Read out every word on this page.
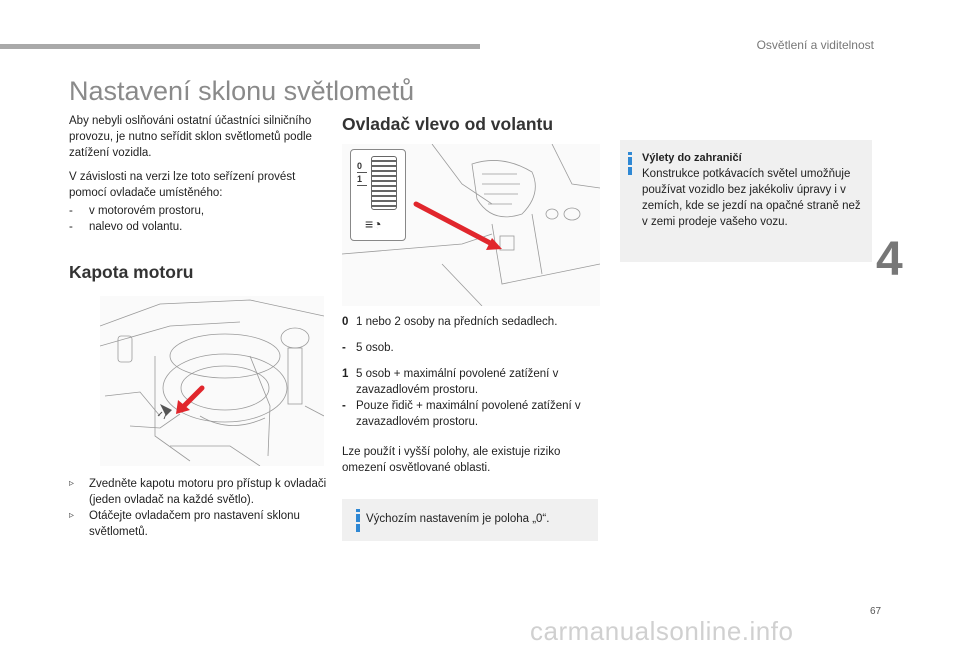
Osvětlení a viditelnost
Nastavení sklonu světlometů

Aby nebyli oslňováni ostatní účastníci silničního provozu, je nutno seřídit sklon světlometů podle zatížení vozidla.

V závislosti na verzi lze toto seřízení provést pomocí ovladače umístěného:

- v motorovém prostoru,
- nalevo od volantu.
Kapota motoru
▹ Zvedněte kapotu motoru pro přístup k ovladači (jeden ovladač na každé světlo).
▹ Otáčejte ovladačem pro nastavení sklonu světlometů.
Ovladač vlevo od volantu
0
1
≡◔
0 1 nebo 2 osoby na předních sedadlech.
- 5 osob.
1 5 osob + maximální povolené zatížení v zavazadlovém prostoru.
- Pouze řidič + maximální povolené zatížení v zavazadlovém prostoru.

Lze použít i vyšší polohy, ale existuje riziko omezení osvětlované oblasti.

Výchozím nastavením je poloha „0“.
Výlety do zahraničí
Konstrukce potkávacích světel umožňuje používat vozidlo bez jakékoliv úpravy i v zemích, kde se jezdí na opačné straně než v zemi prodeje vašeho vozu.
4
67
carmanualsonline.info
